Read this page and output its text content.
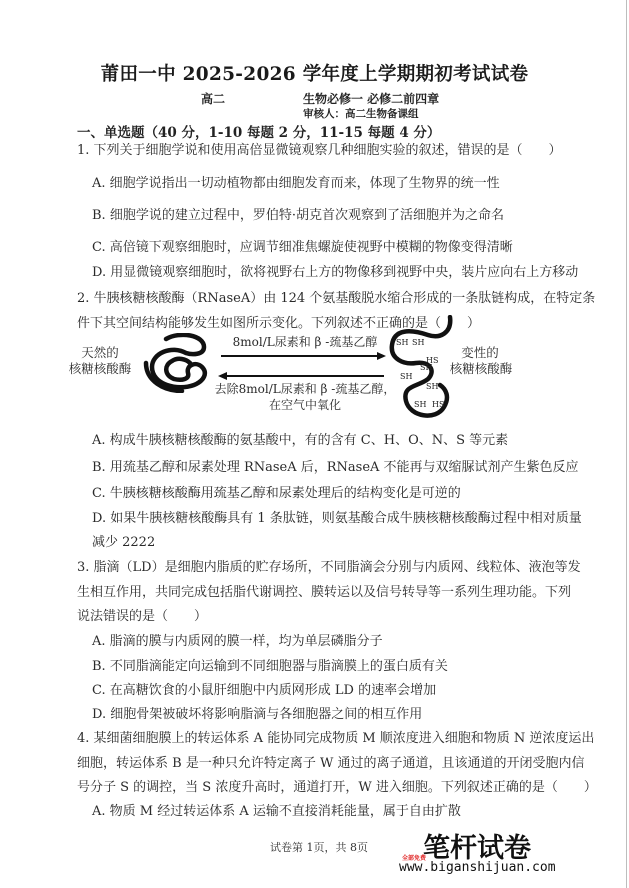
莆田一中 2025-2026 学年度上学期期初考试试卷
高二	生物必修一 必修二前四章
审核人：高二生物备课组
一、单选题（40 分，1-10 每题 2 分，11-15 每题 4 分）
1. 下列关于细胞学说和使用高倍显微镜观察几种细胞实验的叙述，错误的是（　　）
A. 细胞学说指出一切动植物都由细胞发育而来，体现了生物界的统一性
B. 细胞学说的建立过程中，罗伯特·胡克首次观察到了活细胞并为之命名
C. 高倍镜下观察细胞时，应调节细准焦螺旋使视野中模糊的物像变得清晰
D. 用显微镜观察细胞时，欲将视野右上方的物像移到视野中央，装片应向右上方移动
2. 牛胰核糖核酸酶（RNaseA）由 124 个氨基酸脱水缩合形成的一条肽链构成，在特定条
件下其空间结构能够发生如图所示变化。下列叙述不正确的是（　　）
天然的
核糖核酸酶
8mol/L尿素和 β -巯基乙醇
去除8mol/L尿素和 β -巯基乙醇，
在空气中氧化
SH SH
HS
SH
SH
SH
SH HS
变性的
核糖核酸酶
A. 构成牛胰核糖核酸酶的氨基酸中，有的含有 C、H、O、N、S 等元素
B. 用巯基乙醇和尿素处理 RNaseA 后，RNaseA 不能再与双缩脲试剂产生紫色反应
C. 牛胰核糖核酸酶用巯基乙醇和尿素处理后的结构变化是可逆的
D. 如果牛胰核糖核酸酶具有 1 条肽链，则氨基酸合成牛胰核糖核酸酶过程中相对质量
减少 2222
3. 脂滴（LD）是细胞内脂质的贮存场所，不同脂滴会分别与内质网、线粒体、液泡等发
生相互作用，共同完成包括脂代谢调控、膜转运以及信号转导等一系列生理功能。下列
说法错误的是（　　）
A. 脂滴的膜与内质网的膜一样，均为单层磷脂分子
B. 不同脂滴能定向运输到不同细胞器与脂滴膜上的蛋白质有关
C. 在高糖饮食的小鼠肝细胞中内质网形成 LD 的速率会增加
D. 细胞骨架被破坏将影响脂滴与各细胞器之间的相互作用
4. 某细菌细胞膜上的转运体系 A 能协同完成物质 M 顺浓度进入细胞和物质 N 逆浓度运出
细胞，转运体系 B 是一种只允许特定离子 W 通过的离子通道，且该通道的开闭受胞内信
号分子 S 的调控，当 S 浓度升高时，通道打开，W 进入细胞。下列叙述正确的是（　　）
A. 物质 M 经过转运体系 A 运输不直接消耗能量，属于自由扩散
试卷第 1页，共 8页 笔杆试卷
全部免费
www.biganshijuan.com
